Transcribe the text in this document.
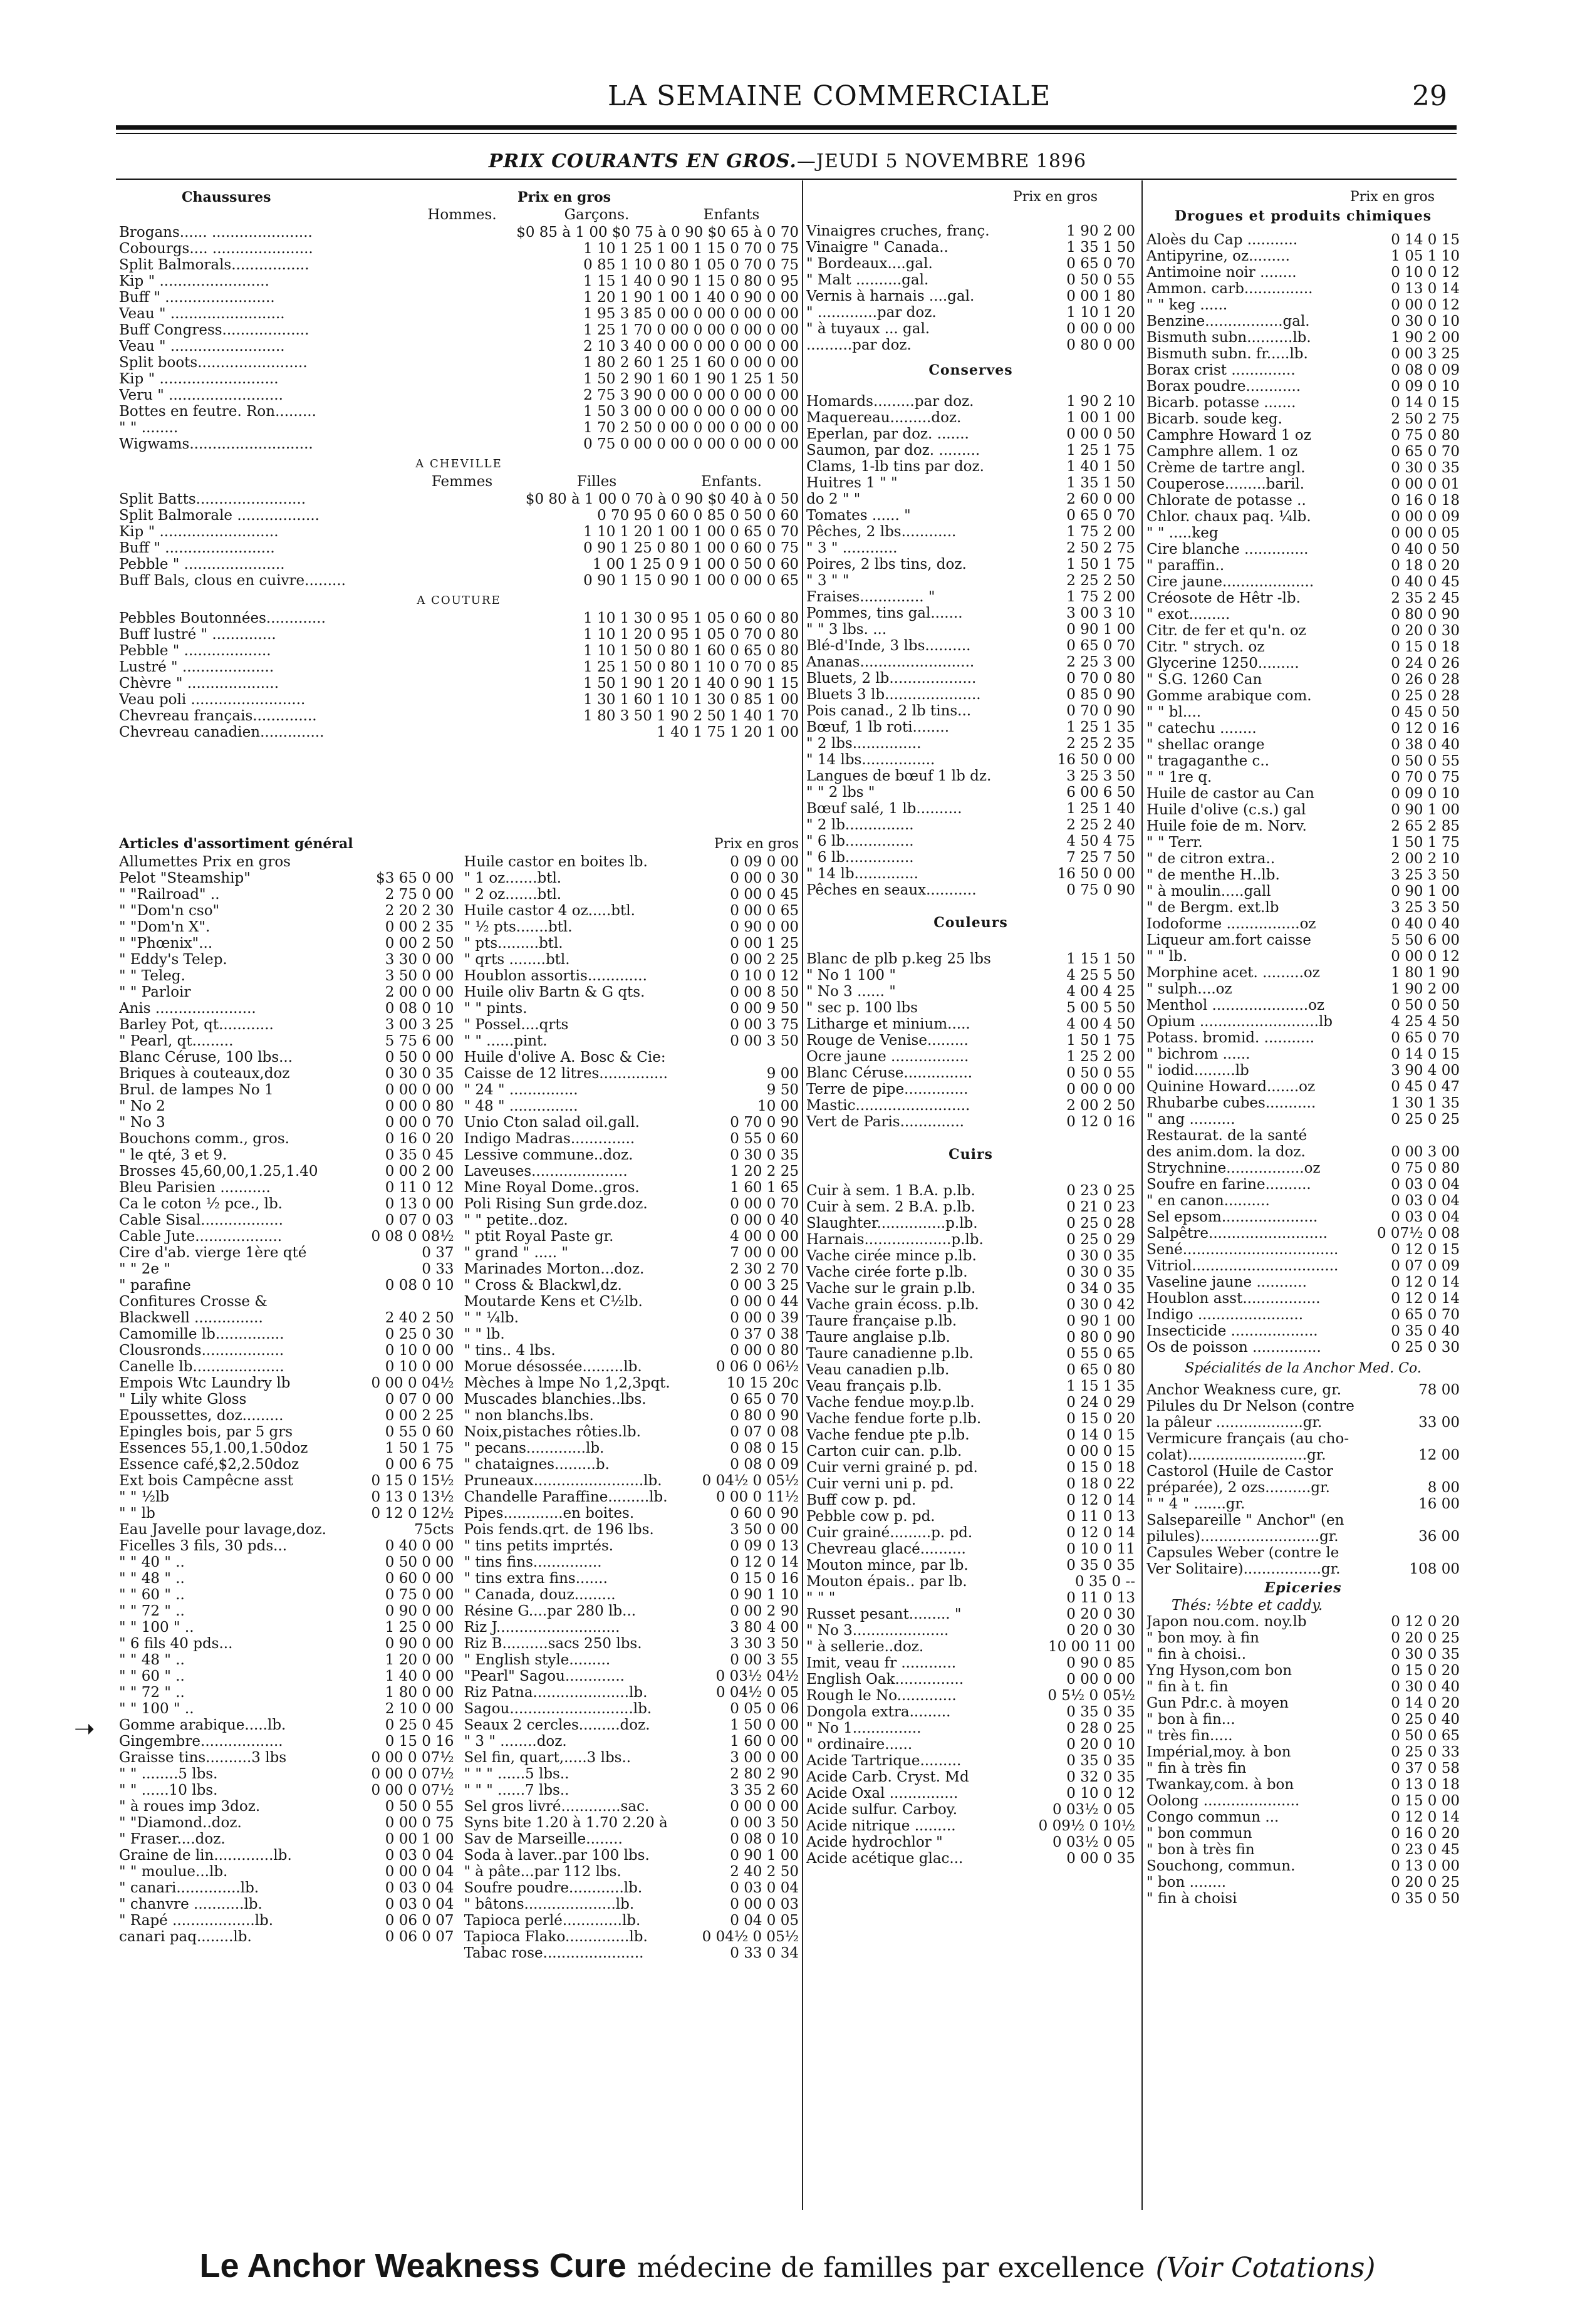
LA SEMAINE COMMERCIALE	29
PRIX COURANTS EN GROS.—JEUDI 5 NOVEMBRE 1896
Chaussures	Prix en gros
Hommes.	Garçons.	Enfants
Brogans...... ......................	$0 85 à 1 00 $0 75 à 0 90 $0 65 à 0 70
Cobourgs.... ......................	1 10 1 25 1 00 1 15 0 70 0 75
Split Balmorals.................	0 85 1 10 0 80 1 05 0 70 0 75
Kip " ........................	1 15 1 40 0 90 1 15 0 80 0 95
Buff " ........................	1 20 1 90 1 00 1 40 0 90 0 00
Veau " .........................	1 95 3 85 0 00 0 00 0 00 0 00
Buff Congress...................	1 25 1 70 0 00 0 00 0 00 0 00
Veau " .........................	2 10 3 40 0 00 0 00 0 00 0 00
Split boots........................	1 80 2 60 1 25 1 60 0 00 0 00
Kip " ..........................	1 50 2 90 1 60 1 90 1 25 1 50
Veru " .........................	2 75 3 90 0 00 0 00 0 00 0 00
Bottes en feutre. Ron.........	1 50 3 00 0 00 0 00 0 00 0 00
" " ........	1 70 2 50 0 00 0 00 0 00 0 00
Wigwams...........................	0 75 0 00 0 00 0 00 0 00 0 00
A CHEVILLE
Femmes	Filles	Enfants.
Split Batts........................	$0 80 à 1 00 0 70 à 0 90 $0 40 à 0 50
Split Balmorale ..................	0 70 95 0 60 0 85 0 50 0 60
Kip " ..........................	1 10 1 20 1 00 1 00 0 65 0 70
Buff " ........................	0 90 1 25 0 80 1 00 0 60 0 75
Pebble " ......................	1 00 1 25 0 9 1 00 0 50 0 60
Buff Bals, clous en cuivre.........	0 90 1 15 0 90 1 00 0 00 0 65
A COUTURE
Pebbles Boutonnées.............	1 10 1 30 0 95 1 05 0 60 0 80
Buff lustré " ..............	1 10 1 20 0 95 1 05 0 70 0 80
Pebble " ...................	1 10 1 50 0 80 1 60 0 65 0 80
Lustré " ....................	1 25 1 50 0 80 1 10 0 70 0 85
Chèvre " ....................	1 50 1 90 1 20 1 40 0 90 1 15
Veau poli .........................	1 30 1 60 1 10 1 30 0 85 1 00
Chevreau français..............	1 80 3 50 1 90 2 50 1 40 1 70
Chevreau canadien..............	1 40 1 75 1 20 1 00
Articles d'assortiment général	Prix en gros
Allumettes Prix en gros
Pelot "Steamship"	$3 65 0 00
" "Railroad" ..	2 75 0 00
" "Dom'n cso"	2 20 2 30
" "Dom'n X".	0 00 2 35
" "Phœnix"...	0 00 2 50
" Eddy's Telep.	3 30 0 00
" " Teleg.	3 50 0 00
" " Parloir	2 00 0 00
Anis ......................	0 08 0 10
Barley Pot, qt............	3 00 3 25
" Pearl, qt.........	5 75 6 00
Blanc Céruse, 100 lbs...	0 50 0 00
Briques à couteaux,doz	0 30 0 35
Brul. de lampes No 1	0 00 0 00
" No 2	0 00 0 80
" No 3	0 00 0 70
Bouchons comm., gros.	0 16 0 20
" le qté, 3 et 9.	0 35 0 45
Brosses 45,60,00,1.25,1.40	0 00 2 00
Bleu Parisien ...........	0 11 0 12
Ca le coton ½ pce., lb.	0 13 0 00
Cable Sisal..................	0 07 0 03
Cable Jute...................	0 08 0 08½
Cire d'ab. vierge 1ère qté	0 37
" " 2e "	0 33
" parafine	0 08 0 10
Confitures Crosse &
Blackwell ...............	2 40 2 50
Camomille lb...............	0 25 0 30
Clousronds..................	0 10 0 00
Canelle lb....................	0 10 0 00
Empois Wtc Laundry lb	0 00 0 04½
" Lily white Gloss	0 07 0 00
Epoussettes, doz.........	0 00 2 25
Epingles bois, par 5 grs	0 55 0 60
Essences 55,1.00,1.50doz	1 50 1 75
Essence café,$2,2.50doz	0 00 6 75
Ext bois Campêcne asst	0 15 0 15½
" " ½lb	0 13 0 13½
" " lb	0 12 0 12½
Eau Javelle pour lavage,doz.	75cts
Ficelles 3 fils, 30 pds...	0 40 0 00
" " 40 " ..	0 50 0 00
" " 48 " ..	0 60 0 00
" " 60 " ..	0 75 0 00
" " 72 " ..	0 90 0 00
" " 100 " ..	1 25 0 00
" 6 fils 40 pds...	0 90 0 00
" " 48 " ..	1 20 0 00
" " 60 " ..	1 40 0 00
" " 72 " ..	1 80 0 00
" " 100 " ..	2 10 0 00
Gomme arabique.....lb.	0 25 0 45
Gingembre..................	0 15 0 16
Graisse tins..........3 lbs	0 00 0 07½
" " ........5 lbs.	0 00 0 07½
" " ......10 lbs.	0 00 0 07½
" à roues imp 3doz.	0 50 0 55
" "Diamond..doz.	0 00 0 75
" Fraser....doz.	0 00 1 00
Graine de lin.............lb.	0 03 0 04
" " moulue...lb.	0 00 0 04
" canari..............lb.	0 03 0 04
" chanvre ...........lb.	0 03 0 04
" Rapé ..................lb.	0 06 0 07
canari paq........lb.	0 06 0 07
Huile castor en boites lb.	0 09 0 00
" 1 oz.......btl.	0 00 0 30
" 2 oz.......btl.	0 00 0 45
Huile castor 4 oz.....btl.	0 00 0 65
" ½ pts.......btl.	0 90 0 00
" pts.........btl.	0 00 1 25
" qrts ........btl.	0 00 2 25
Houblon assortis.............	0 10 0 12
Huile oliv Bartn & G qts.	0 00 8 50
" " pints.	0 00 9 50
" Possel....qrts	0 00 3 75
" " ......pint.	0 00 3 50
Huile d'olive A. Bosc & Cie:
Caisse de 12 litres...............	9 00
" 24 " ...............	9 50
" 48 " ...............	10 00
Unio Cton salad oil.gall.	0 70 0 90
Indigo Madras..............	0 55 0 60
Lessive commune..doz.	0 30 0 35
Laveuses.....................	1 20 2 25
Mine Royal Dome..gros.	1 60 1 65
Poli Rising Sun grde.doz.	0 00 0 70
" " petite..doz.	0 00 0 40
" ptit Royal Paste gr.	4 00 0 00
" grand " ..... "	7 00 0 00
Marinades Morton...doz.	2 30 2 70
" Cross & Blackwl,dz.	0 00 3 25
Moutarde Kens et C½lb.	0 00 0 44
" " ¼lb.	0 00 0 39
" " lb.	0 37 0 38
" tins.. 4 lbs.	0 00 0 80
Morue désossée.........lb.	0 06 0 06½
Mèches à lmpe No 1,2,3pqt.	10 15 20c
Muscades blanchies..lbs.	0 65 0 70
" non blanchs.lbs.	0 80 0 90
Noix,pistaches rôties.lb.	0 07 0 08
" pecans.............lb.	0 08 0 15
" chataignes.........b.	0 08 0 09
Pruneaux........................lb.	0 04½ 0 05½
Chandelle Paraffine.........lb.	0 00 0 11½
Pipes.............en boites.	0 60 0 90
Pois fends.qrt. de 196 lbs.	3 50 0 00
" tins petits imprtés.	0 09 0 13
" tins fins...............	0 12 0 14
" tins extra fins.......	0 15 0 16
" Canada, douz.........	0 90 1 10
Résine G....par 280 lb...	0 00 2 90
Riz J...........................	3 80 4 00
Riz B..........sacs 250 lbs.	3 30 3 50
" English style.........	0 00 3 55
"Pearl" Sagou.............	0 03½ 04½
Riz Patna.....................lb.	0 04½ 0 05
Sagou...........................lb.	0 05 0 06
Seaux 2 cercles.........doz.	1 50 0 00
" 3 " ........doz.	1 60 0 00
Sel fin, quart,.....3 lbs..	3 00 0 00
" " " ......5 lbs..	2 80 2 90
" " " ......7 lbs..	3 35 2 60
Sel gros livré.............sac.	0 00 0 00
Syns bite 1.20 à 1.70 2.20 à	0 00 3 50
Sav de Marseille........	0 08 0 10
Soda à laver..par 100 lbs.	0 90 1 00
" à pâte...par 112 lbs.	2 40 2 50
Soufre poudre............lb.	0 03 0 04
" bâtons....................lb.	0 00 0 03
Tapioca perlé.............lb.	0 04 0 05
Tapioca Flako..............lb.	0 04½ 0 05½
Tabac rose......................	0 33 0 34
Prix en gros
Vinaigres cruches, franç.	1 90 2 00
Vinaigre " Canada..	1 35 1 50
" Bordeaux....gal.	0 65 0 70
" Malt ..........gal.	0 50 0 55
Vernis à harnais ....gal.	0 00 1 80
" .............par doz.	1 10 1 20
" à tuyaux ... gal.	0 00 0 00
..........par doz.	0 80 0 00
Conserves
Homards.........par doz.	1 90 2 10
Maquereau.........doz.	1 00 1 00
Eperlan, par doz. .......	0 00 0 50
Saumon, par doz. .........	1 25 1 75
Clams, 1-lb tins par doz.	1 40 1 50
Huitres 1 " "	1 35 1 50
do 2 " "	2 60 0 00
Tomates ...... "	0 65 0 70
Pêches, 2 lbs............	1 75 2 00
" 3 " ............	2 50 2 75
Poires, 2 lbs tins, doz.	1 50 1 75
" 3 " "	2 25 2 50
Fraises.............. "	1 75 2 00
Pommes, tins gal.......	3 00 3 10
" " 3 lbs. ...	0 90 1 00
Blé-d'Inde, 3 lbs..........	0 65 0 70
Ananas.........................	2 25 3 00
Bluets, 2 lb...................	0 70 0 80
Bluets 3 lb.....................	0 85 0 90
Pois canad., 2 lb tins...	0 70 0 90
Bœuf, 1 lb roti........	1 25 1 35
" 2 lbs...............	2 25 2 35
" 14 lbs................	16 50 0 00
Langues de bœuf 1 lb dz.	3 25 3 50
" " 2 lbs "	6 00 6 50
Bœuf salé, 1 lb..........	1 25 1 40
" 2 lb...............	2 25 2 40
" 6 lb...............	4 50 4 75
" 6 lb...............	7 25 7 50
" 14 lb..............	16 50 0 00
Pêches en seaux...........	0 75 0 90
Couleurs
Blanc de plb p.keg 25 lbs	1 15 1 50
" No 1 100 "	4 25 5 50
" No 3 ...... "	4 00 4 25
" sec p. 100 lbs	5 00 5 50
Litharge et minium.....	4 00 4 50
Rouge de Venise.........	1 50 1 75
Ocre jaune .................	1 25 2 00
Blanc Céruse...............	0 50 0 55
Terre de pipe..............	0 00 0 00
Mastic.........................	2 00 2 50
Vert de Paris..............	0 12 0 16
Cuirs
Cuir à sem. 1 B.A. p.lb.	0 23 0 25
Cuir à sem. 2 B.A. p.lb.	0 21 0 23
Slaughter...............p.lb.	0 25 0 28
Harnais...................p.lb.	0 25 0 29
Vache cirée mince p.lb.	0 30 0 35
Vache cirée forte p.lb.	0 30 0 35
Vache sur le grain p.lb.	0 34 0 35
Vache grain écoss. p.lb.	0 30 0 42
Taure française p.lb.	0 90 1 00
Taure anglaise p.lb.	0 80 0 90
Taure canadienne p.lb.	0 55 0 65
Veau canadien p.lb.	0 65 0 80
Veau français p.lb.	1 15 1 35
Vache fendue moy.p.lb.	0 24 0 29
Vache fendue forte p.lb.	0 15 0 20
Vache fendue pte p.lb.	0 14 0 15
Carton cuir can. p.lb.	0 00 0 15
Cuir verni grainé p. pd.	0 15 0 18
Cuir verni uni p. pd.	0 18 0 22
Buff cow p. pd.	0 12 0 14
Pebble cow p. pd.	0 11 0 13
Cuir grainé.........p. pd.	0 12 0 14
Chevreau glacé..........	0 10 0 11
Mouton mince, par lb.	0 35 0 35
Mouton épais.. par lb.	0 35 0 --
" " "	0 11 0 13
Russet pesant......... "	0 20 0 30
" No 3.....................	0 20 0 30
" à sellerie..doz.	10 00 11 00
Imit, veau fr ............	0 90 0 85
English Oak...............	0 00 0 00
Rough le No.............	0 5½ 0 05½
Dongola extra.........	0 35 0 35
" No 1...............	0 28 0 25
" ordinaire......	0 20 0 10
Acide Tartrique.........	0 35 0 35
Acide Carb. Cryst. Md	0 32 0 35
Acide Oxal ...............	0 10 0 12
Acide sulfur. Carboy.	0 03½ 0 05
Acide nitrique .........	0 09½ 0 10½
Acide hydrochlor "	0 03½ 0 05
Acide acétique glac...	0 00 0 35
Prix en gros
Drogues et produits chimiques
Aloès du Cap ...........	0 14 0 15
Antipyrine, oz.........	1 05 1 10
Antimoine noir ........	0 10 0 12
Ammon. carb...............	0 13 0 14
" " keg ......	0 00 0 12
Benzine.................gal.	0 30 0 10
Bismuth subn..........lb.	1 90 2 00
Bismuth subn. fr.....lb.	0 00 3 25
Borax crist ..............	0 08 0 09
Borax poudre............	0 09 0 10
Bicarb. potasse .......	0 14 0 15
Bicarb. soude keg.	2 50 2 75
Camphre Howard 1 oz	0 75 0 80
Camphre allem. 1 oz	0 65 0 70
Crème de tartre angl.	0 30 0 35
Couperose.........baril.	0 00 0 01
Chlorate de potasse ..	0 16 0 18
Chlor. chaux paq. ¼lb.	0 00 0 09
" " .....keg	0 00 0 05
Cire blanche ..............	0 40 0 50
" paraffin..	0 18 0 20
Cire jaune....................	0 40 0 45
Créosote de Hêtr -lb.	2 35 2 45
" exot.........	0 80 0 90
Citr. de fer et qu'n. oz	0 20 0 30
Citr. " strych. oz	0 15 0 18
Glycerine 1250.........	0 24 0 26
" S.G. 1260 Can	0 26 0 28
Gomme arabique com.	0 25 0 28
" " bl....	0 45 0 50
" catechu ........	0 12 0 16
" shellac orange	0 38 0 40
" tragaganthe c..	0 50 0 55
" " 1re q.	0 70 0 75
Huile de castor au Can	0 09 0 10
Huile d'olive (c.s.) gal	0 90 1 00
Huile foie de m. Norv.	2 65 2 85
" " Terr.	1 50 1 75
" de citron extra..	2 00 2 10
" de menthe H..lb.	3 25 3 50
" à moulin.....gall	0 90 1 00
" de Bergm. ext.lb	3 25 3 50
Iodoforme ................oz	0 40 0 40
Liqueur am.fort caisse	5 50 6 00
" " lb.	0 00 0 12
Morphine acet. .........oz	1 80 1 90
" sulph....oz	1 90 2 00
Menthol .....................oz	0 50 0 50
Opium ..........................lb	4 25 4 50
Potass. bromid. ...........	0 65 0 70
" bichrom ......	0 14 0 15
" iodid.........lb	3 90 4 00
Quinine Howard.......oz	0 45 0 47
Rhubarbe cubes...........	1 30 1 35
" ang ..........	0 25 0 25
Restaurat. de la santé
des anim.dom. la doz.	0 00 3 00
Strychnine.................oz	0 75 0 80
Soufre en farine..........	0 03 0 04
" en canon..........	0 03 0 04
Sel epsom.....................	0 03 0 04
Salpêtre..........................	0 07½ 0 08
Sené..................................	0 12 0 15
Vitriol................................	0 07 0 09
Vaseline jaune ...........	0 12 0 14
Houblon asst.................	0 12 0 14
Indigo .......................	0 65 0 70
Insecticide ...................	0 35 0 40
Os de poisson ...............	0 25 0 30
Spécialités de la Anchor Med. Co.
Anchor Weakness cure, gr.	78 00
Pilules du Dr Nelson (contre
la pâleur ...................gr.	33 00
Vermicure français (au cho-
colat)..........................gr.	12 00
Castorol (Huile de Castor
préparée), 2 ozs..........gr.	8 00
" " 4 " .......gr.	16 00
Salsepareille " Anchor" (en
pilules)..........................gr.	36 00
Capsules Weber (contre le
Ver Solitaire).................gr.	108 00
Epiceries
Thés: ½bte et caddy.
Japon nou.com. noy.lb	0 12 0 20
" bon moy. à fin	0 20 0 25
" fin à choisi..	0 30 0 35
Yng Hyson,com bon	0 15 0 20
" fin à t. fin	0 30 0 40
Gun Pdr.c. à moyen	0 14 0 20
" bon à fin...	0 25 0 40
" très fin.....	0 50 0 65
Impérial,moy. à bon	0 25 0 33
" fin à très fin	0 37 0 58
Twankay,com. à bon	0 13 0 18
Oolong .....................	0 15 0 00
Congo commun ...	0 12 0 14
" bon commun	0 16 0 20
" bon à très fin	0 23 0 45
Souchong, commun.	0 13 0 00
" bon ........	0 20 0 25
" fin à choisi	0 35 0 50
➝
Le Anchor Weakness Cure médecine de familles par excellence (Voir Cotations)
